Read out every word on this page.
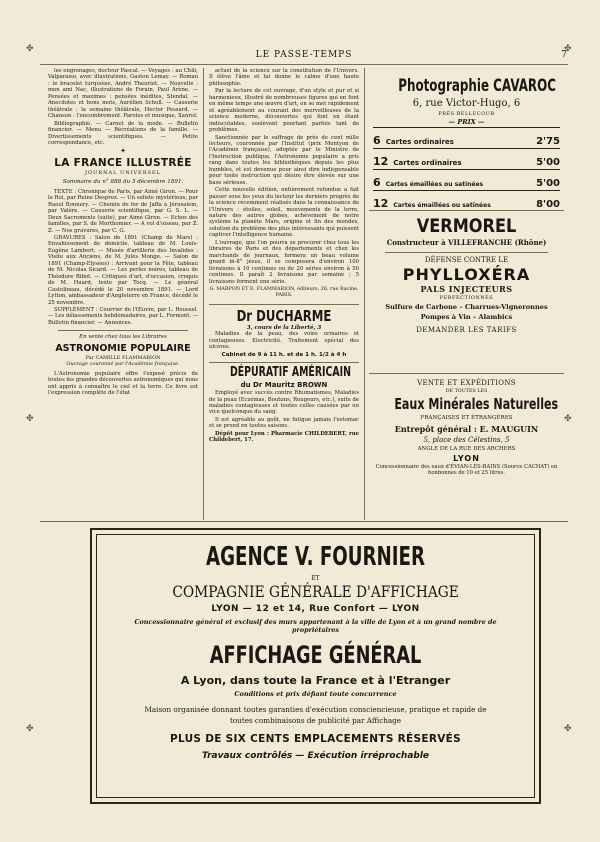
✤

✤

✤
✤

✤

✤
LE PASSE-TEMPS	7

les engrenages, docteur Pascal. — Voyages : au Chili, Valparaiso, avec illustrations, Gaston Lemay. — Roman : le bracelet turquoise, André Theuriet. — Nouvelle : mon ami Nac, illustrations de Forain, Paul Arène. — Pensées et maximes : pensées inédites, Stendal. — Anecdotes et bons mots, Aurélien Scholl. — Causerie théâtrale : la semaine théâtrale, Hector Pessard. — Chanson : l'encombrement. Paroles et musique, Xanrof.

Bibliographie. — Carnet de la mode. — Bulletin financier. — Menu — Récréations de la famille. — Divertissements scientifiques. — Petite correspondance, etc.

✦
LA FRANCE ILLUSTRÉE
JOURNAL UNIVERSEL
Sommaire du n° 888 du 5 décembre 1891.

TEXTE : Chronique de Paris, par Aimé Giron. — Pour le Roi, par Reine Desprez. — Un soliste mystérieux, par Raoul Bonnery. — Chemin de fer de Jaffa à Jérusalem, par Valère. — Causerie scientifique, par G. S. L. — Deux Sacrements (suite), par Aimé Giron. — Echos des familles, par S. de Morthomier. — A vol d'oiseau, par Z. Z. — Nos gravures, par C. G.

GRAVURES : Salon de 1891 (Champ de Mars) : Envahissement de domicile, tableau de M. Louis-Eugène Lambert. — Musée d'artillerie des Invalides : Visite aux Anciens, de M. Jules Monge. — Salon de 1891 (Champ-Elysées) : Arrivant pour la Fête, tableau de M. Nicolas Sicard. — Les perles noires, tableau de Théodore Ribot. — Critiques d'art, d'occasion, croquis de M. Huard, texte par Tocq. — Le général Castelineau, décédé le 20 novembre 1891. — Lord Lytton, ambassadeur d'Angleterre en France, décédé le 25 novembre.

SUPPLÉMENT : Courrier de l'Œuvre, par L. Roussel. — Les délassements hebdomadaires, par L. Formont. — Bulletin financier. — Annonces.

En vente chez tous les Libraires
ASTRONOMIE POPULAIRE
Par CAMILLE FLAMMARION
Ouvrage couronné par l'Académie française.

L'Astronomie populaire offre l'exposé précis de toutes les grandes découvertes astronomiques qui nous ont appris à connaître le ciel et la terre. Ce livre est l'expression complète de l'état

actuel de la science sur la constitution de l'Univers. Il élève l'âme et lui donne le calme d'une haute philosophie.

Par la lecture de cet ouvrage, d'un style et pur et si harmonieux, illustré de nombreuses figures qui en font en même temps une œuvre d'art, on se met rapidement et agréablement au courant des merveilleuses de la science moderne, découvertes qui font en étant indiscutables, soulèvent pourtant parfois tant de problèmes.

Sanctionnée par le suffrage de près de cent mille lecteurs, couronnée par l'Institut (prix Montyon de l'Académie française), adoptée par le Ministre de l'Instruction publique, l'Astronomie populaire a pris rang dans toutes les bibliothèques depuis les plus humbles, et est devenue pour ainsi dire indispensable pour toute instruction qui désire être élevée sur une base sérieuse.

Cette nouvelle édition, entièrement refondue a fait passer sous les yeux du lecteur les derniers progrès de la science récemment réalisés dans la connaissance de l'Univers : étoiles, soleil, mouvements de la terre, nature des autres globes, achèvement de notre système la planète Mars, origine et fin des mondes, solution du problème des plus intéressants qui puissent captiver l'intelligence humaine.

L'ouvrage, que l'on pourra se procurer chez tous les libraires de Paris et des départements et chez les marchands de journaux, formera un beau volume grand in-8° jésus, il se composera d'environ 100 livraisons à 10 centimes ou de 20 séries environ à 50 centimes. Il paraît 2 livraisons par semaine ; 5 livraisons forment une série.

G. MARPON ET E. FLAMMARION, éditeurs, 26, rue Racine, PARIS.
Dr DUCHARME
3, cours de la Liberté, 3

Maladies de la peau, des voies urinaires et contagieuses. Electricité. Traitement spécial des ulcères.

Cabinet de 9 à 11 h. et de 1 h. 1/2 à 4 h
DÉPURATIF AMÉRICAIN
du Dr Mauritz BROWN

Employé avec succès contre Rhumatismes, Maladies de la peau (Eczémas, Boutons, Rougeurs, etc.), suite de maladies contagieuses et toutes celles causées par un vice quelconque du sang.

Il est agréable au goût, ne fatigue jamais l'estomac et se prend en toutes saisons.

Dépôt pour Lyon : Pharmacie CHILDEBERT, rue Childebert, 17.

Photographie CAVAROC
6, rue Victor-Hugo, 6
PRÈS BELLECOUR
— PRIX —
6 Cartes ordinaires	2'75
12 Cartes ordinaires	5'00
6 Cartes émaillées ou satinées	5'00
12 Cartes émaillées ou satinées	8'00
VERMOREL
Constructeur à VILLEFRANCHE (Rhône)
DÉFENSE CONTRE LE
PHYLLOXÉRA
PALS INJECTEURS
PERFECTIONNÉS
Sulfure de Carbone – Charrues-Vigneronnes
Pompes à Vin – Alambics
DEMANDER LES TARIFS
VENTE ET EXPÉDITIONS
DE TOUTES LES
Eaux Minérales Naturelles
FRANÇAISES ET ÉTRANGÈRES
Entrepôt général : E. MAUGUIN
5, place des Célestins, 5
ANGLE DE LA RUE DES ARCHERS
LYON
Concessionnaire des eaux d'ÉVIAN-LES-BAINS (Source CACHAT) en bonbonnes de 10 et 25 litres.
AGENCE V. FOURNIER
ET
COMPAGNIE GÉNÉRALE D'AFFICHAGE
LYON — 12 et 14, Rue Confort — LYON
Concessionnaire général et exclusif des murs appartenant à la ville de Lyon et à un grand nombre de propriétaires
AFFICHAGE GÉNÉRAL
A Lyon, dans toute la France et à l'Etranger
Conditions et prix défiant toute concurrence
Maison organisée donnant toutes garanties d'exécution consciencieuse, pratique et rapide de toutes combinaisons de publicité par Affichage
PLUS DE SIX CENTS EMPLACEMENTS RÉSERVÉS
Travaux contrôlés — Exécution irréprochable
